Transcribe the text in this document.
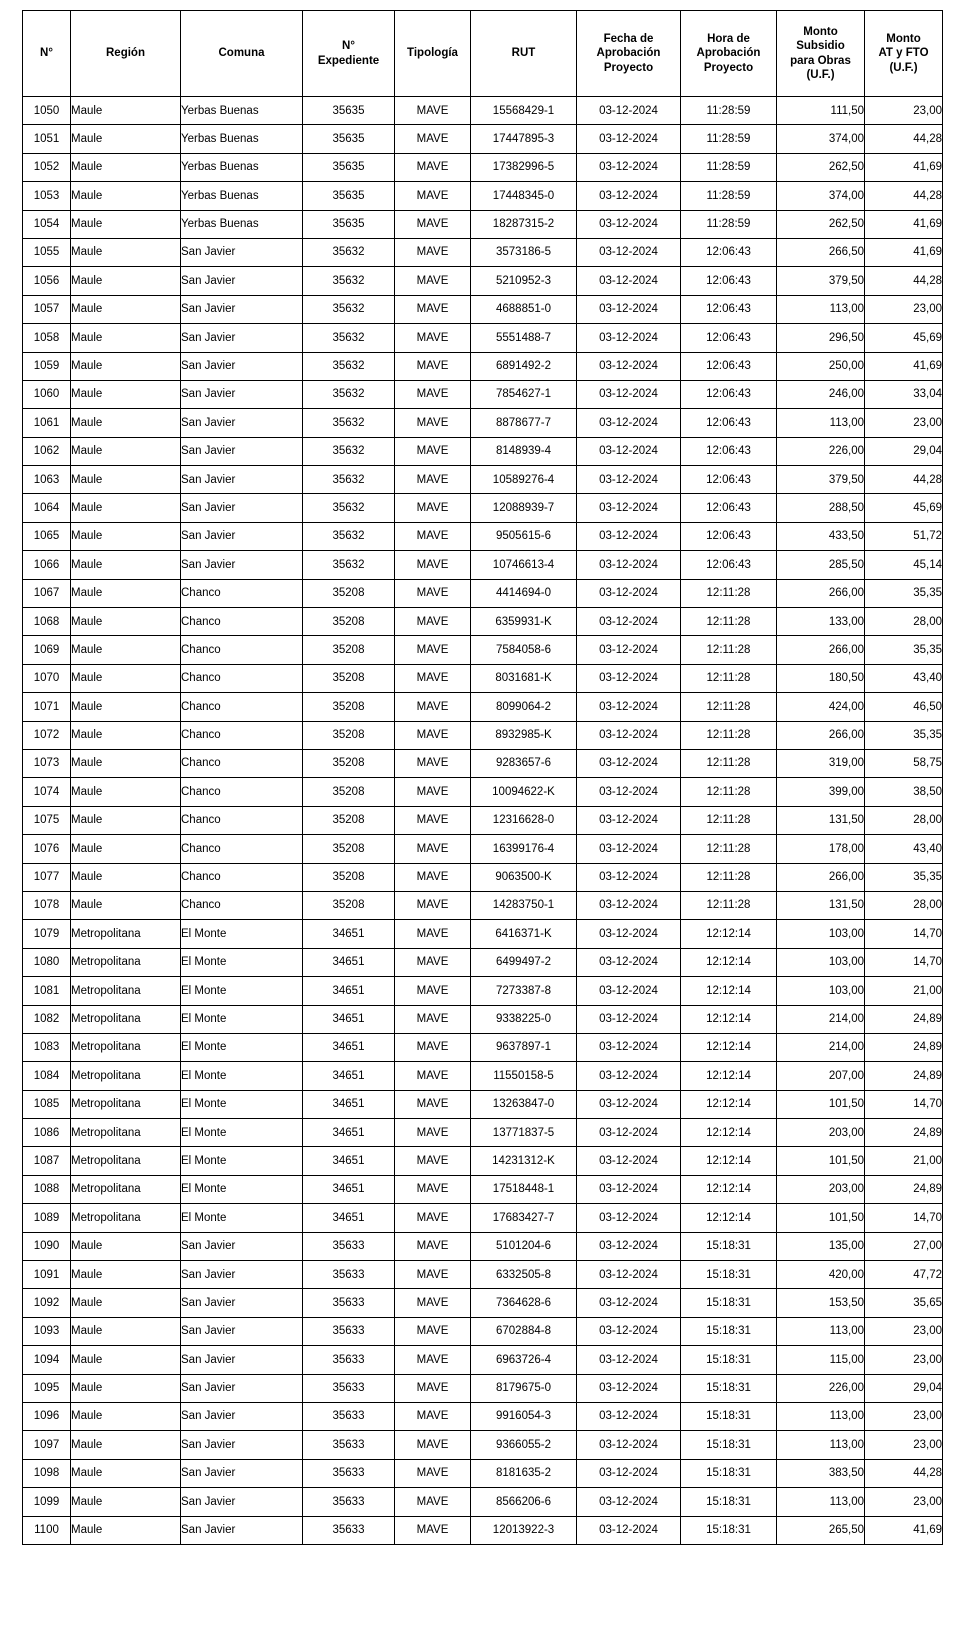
N°	Región	Comuna	N°
Expediente	Tipología	RUT	Fecha de
Aprobación
Proyecto	Hora de
Aprobación
Proyecto	Monto
Subsidio
para Obras
(U.F.)	Monto
AT y FTO
(U.F.)

1050	Maule	Yerbas Buenas	35635	MAVE	15568429-1	03-12-2024	11:28:59	111,50	23,00
1051	Maule	Yerbas Buenas	35635	MAVE	17447895-3	03-12-2024	11:28:59	374,00	44,28
1052	Maule	Yerbas Buenas	35635	MAVE	17382996-5	03-12-2024	11:28:59	262,50	41,69
1053	Maule	Yerbas Buenas	35635	MAVE	17448345-0	03-12-2024	11:28:59	374,00	44,28
1054	Maule	Yerbas Buenas	35635	MAVE	18287315-2	03-12-2024	11:28:59	262,50	41,69
1055	Maule	San Javier	35632	MAVE	3573186-5	03-12-2024	12:06:43	266,50	41,69
1056	Maule	San Javier	35632	MAVE	5210952-3	03-12-2024	12:06:43	379,50	44,28
1057	Maule	San Javier	35632	MAVE	4688851-0	03-12-2024	12:06:43	113,00	23,00
1058	Maule	San Javier	35632	MAVE	5551488-7	03-12-2024	12:06:43	296,50	45,69
1059	Maule	San Javier	35632	MAVE	6891492-2	03-12-2024	12:06:43	250,00	41,69
1060	Maule	San Javier	35632	MAVE	7854627-1	03-12-2024	12:06:43	246,00	33,04
1061	Maule	San Javier	35632	MAVE	8878677-7	03-12-2024	12:06:43	113,00	23,00
1062	Maule	San Javier	35632	MAVE	8148939-4	03-12-2024	12:06:43	226,00	29,04
1063	Maule	San Javier	35632	MAVE	10589276-4	03-12-2024	12:06:43	379,50	44,28
1064	Maule	San Javier	35632	MAVE	12088939-7	03-12-2024	12:06:43	288,50	45,69
1065	Maule	San Javier	35632	MAVE	9505615-6	03-12-2024	12:06:43	433,50	51,72
1066	Maule	San Javier	35632	MAVE	10746613-4	03-12-2024	12:06:43	285,50	45,14
1067	Maule	Chanco	35208	MAVE	4414694-0	03-12-2024	12:11:28	266,00	35,35
1068	Maule	Chanco	35208	MAVE	6359931-K	03-12-2024	12:11:28	133,00	28,00
1069	Maule	Chanco	35208	MAVE	7584058-6	03-12-2024	12:11:28	266,00	35,35
1070	Maule	Chanco	35208	MAVE	8031681-K	03-12-2024	12:11:28	180,50	43,40
1071	Maule	Chanco	35208	MAVE	8099064-2	03-12-2024	12:11:28	424,00	46,50
1072	Maule	Chanco	35208	MAVE	8932985-K	03-12-2024	12:11:28	266,00	35,35
1073	Maule	Chanco	35208	MAVE	9283657-6	03-12-2024	12:11:28	319,00	58,75
1074	Maule	Chanco	35208	MAVE	10094622-K	03-12-2024	12:11:28	399,00	38,50
1075	Maule	Chanco	35208	MAVE	12316628-0	03-12-2024	12:11:28	131,50	28,00
1076	Maule	Chanco	35208	MAVE	16399176-4	03-12-2024	12:11:28	178,00	43,40
1077	Maule	Chanco	35208	MAVE	9063500-K	03-12-2024	12:11:28	266,00	35,35
1078	Maule	Chanco	35208	MAVE	14283750-1	03-12-2024	12:11:28	131,50	28,00
1079	Metropolitana	El Monte	34651	MAVE	6416371-K	03-12-2024	12:12:14	103,00	14,70
1080	Metropolitana	El Monte	34651	MAVE	6499497-2	03-12-2024	12:12:14	103,00	14,70
1081	Metropolitana	El Monte	34651	MAVE	7273387-8	03-12-2024	12:12:14	103,00	21,00
1082	Metropolitana	El Monte	34651	MAVE	9338225-0	03-12-2024	12:12:14	214,00	24,89
1083	Metropolitana	El Monte	34651	MAVE	9637897-1	03-12-2024	12:12:14	214,00	24,89
1084	Metropolitana	El Monte	34651	MAVE	11550158-5	03-12-2024	12:12:14	207,00	24,89
1085	Metropolitana	El Monte	34651	MAVE	13263847-0	03-12-2024	12:12:14	101,50	14,70
1086	Metropolitana	El Monte	34651	MAVE	13771837-5	03-12-2024	12:12:14	203,00	24,89
1087	Metropolitana	El Monte	34651	MAVE	14231312-K	03-12-2024	12:12:14	101,50	21,00
1088	Metropolitana	El Monte	34651	MAVE	17518448-1	03-12-2024	12:12:14	203,00	24,89
1089	Metropolitana	El Monte	34651	MAVE	17683427-7	03-12-2024	12:12:14	101,50	14,70
1090	Maule	San Javier	35633	MAVE	5101204-6	03-12-2024	15:18:31	135,00	27,00
1091	Maule	San Javier	35633	MAVE	6332505-8	03-12-2024	15:18:31	420,00	47,72
1092	Maule	San Javier	35633	MAVE	7364628-6	03-12-2024	15:18:31	153,50	35,65
1093	Maule	San Javier	35633	MAVE	6702884-8	03-12-2024	15:18:31	113,00	23,00
1094	Maule	San Javier	35633	MAVE	6963726-4	03-12-2024	15:18:31	115,00	23,00
1095	Maule	San Javier	35633	MAVE	8179675-0	03-12-2024	15:18:31	226,00	29,04
1096	Maule	San Javier	35633	MAVE	9916054-3	03-12-2024	15:18:31	113,00	23,00
1097	Maule	San Javier	35633	MAVE	9366055-2	03-12-2024	15:18:31	113,00	23,00
1098	Maule	San Javier	35633	MAVE	8181635-2	03-12-2024	15:18:31	383,50	44,28
1099	Maule	San Javier	35633	MAVE	8566206-6	03-12-2024	15:18:31	113,00	23,00
1100	Maule	San Javier	35633	MAVE	12013922-3	03-12-2024	15:18:31	265,50	41,69
